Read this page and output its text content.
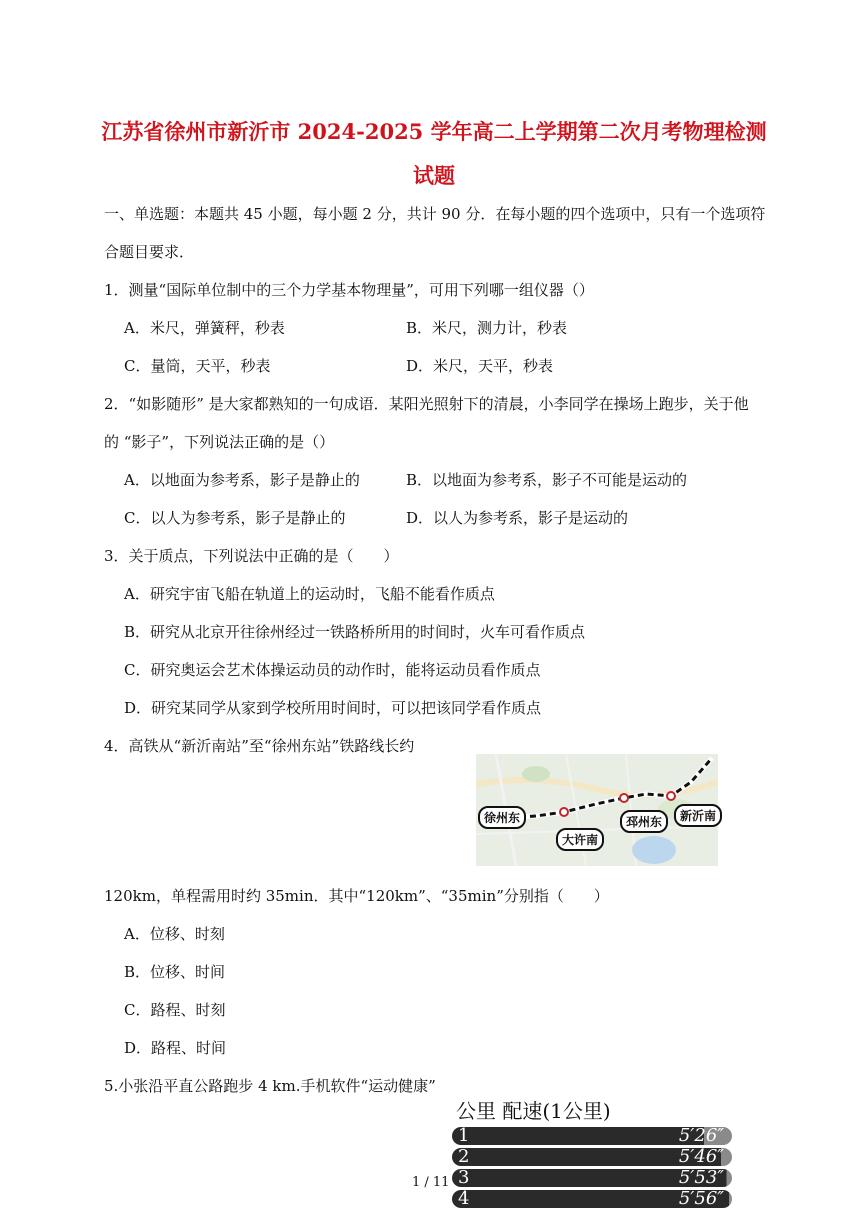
江苏省徐州市新沂市 2024-2025 学年高二上学期第二次月考物理检测
试题
一、单选题：本题共 45 小题，每小题 2 分，共计 90 分．在每小题的四个选项中，只有一个选项符
合题目要求．
1．测量“国际单位制中的三个力学基本物理量”，可用下列哪一组仪器（）
A．米尺，弹簧秤，秒表	B．米尺，测力计，秒表
C．量筒，天平，秒表	D．米尺，天平，秒表
2．“如影随形” 是大家都熟知的一句成语．某阳光照射下的清晨，小李同学在操场上跑步，关于他
的 “影子”，下列说法正确的是（）
A．以地面为参考系，影子是静止的	B．以地面为参考系，影子不可能是运动的
C．以人为参考系，影子是静止的	D．以人为参考系，影子是运动的
3．关于质点，下列说法中正确的是（　　）
A．研究宇宙飞船在轨道上的运动时，飞船不能看作质点
B．研究从北京开往徐州经过一铁路桥所用的时间时，火车可看作质点
C．研究奥运会艺术体操运动员的动作时，能将运动员看作质点
D．研究某同学从家到学校所用时间时，可以把该同学看作质点
4．高铁从“新沂南站”至“徐州东站”铁路线长约
徐州东
大许南
邳州东	新沂南
120km，单程需用时约 35min．其中“120km”、“35min”分别指（　　）
A．位移、时刻
B．位移、时间
C．路程、时刻
D．路程、时间
5.小张沿平直公路跑步 4 km.手机软件“运动健康”
公里 配速(1公里)
1	5′26″
2	5′46″
3	5′53″
4	5′56″
1 / 11
